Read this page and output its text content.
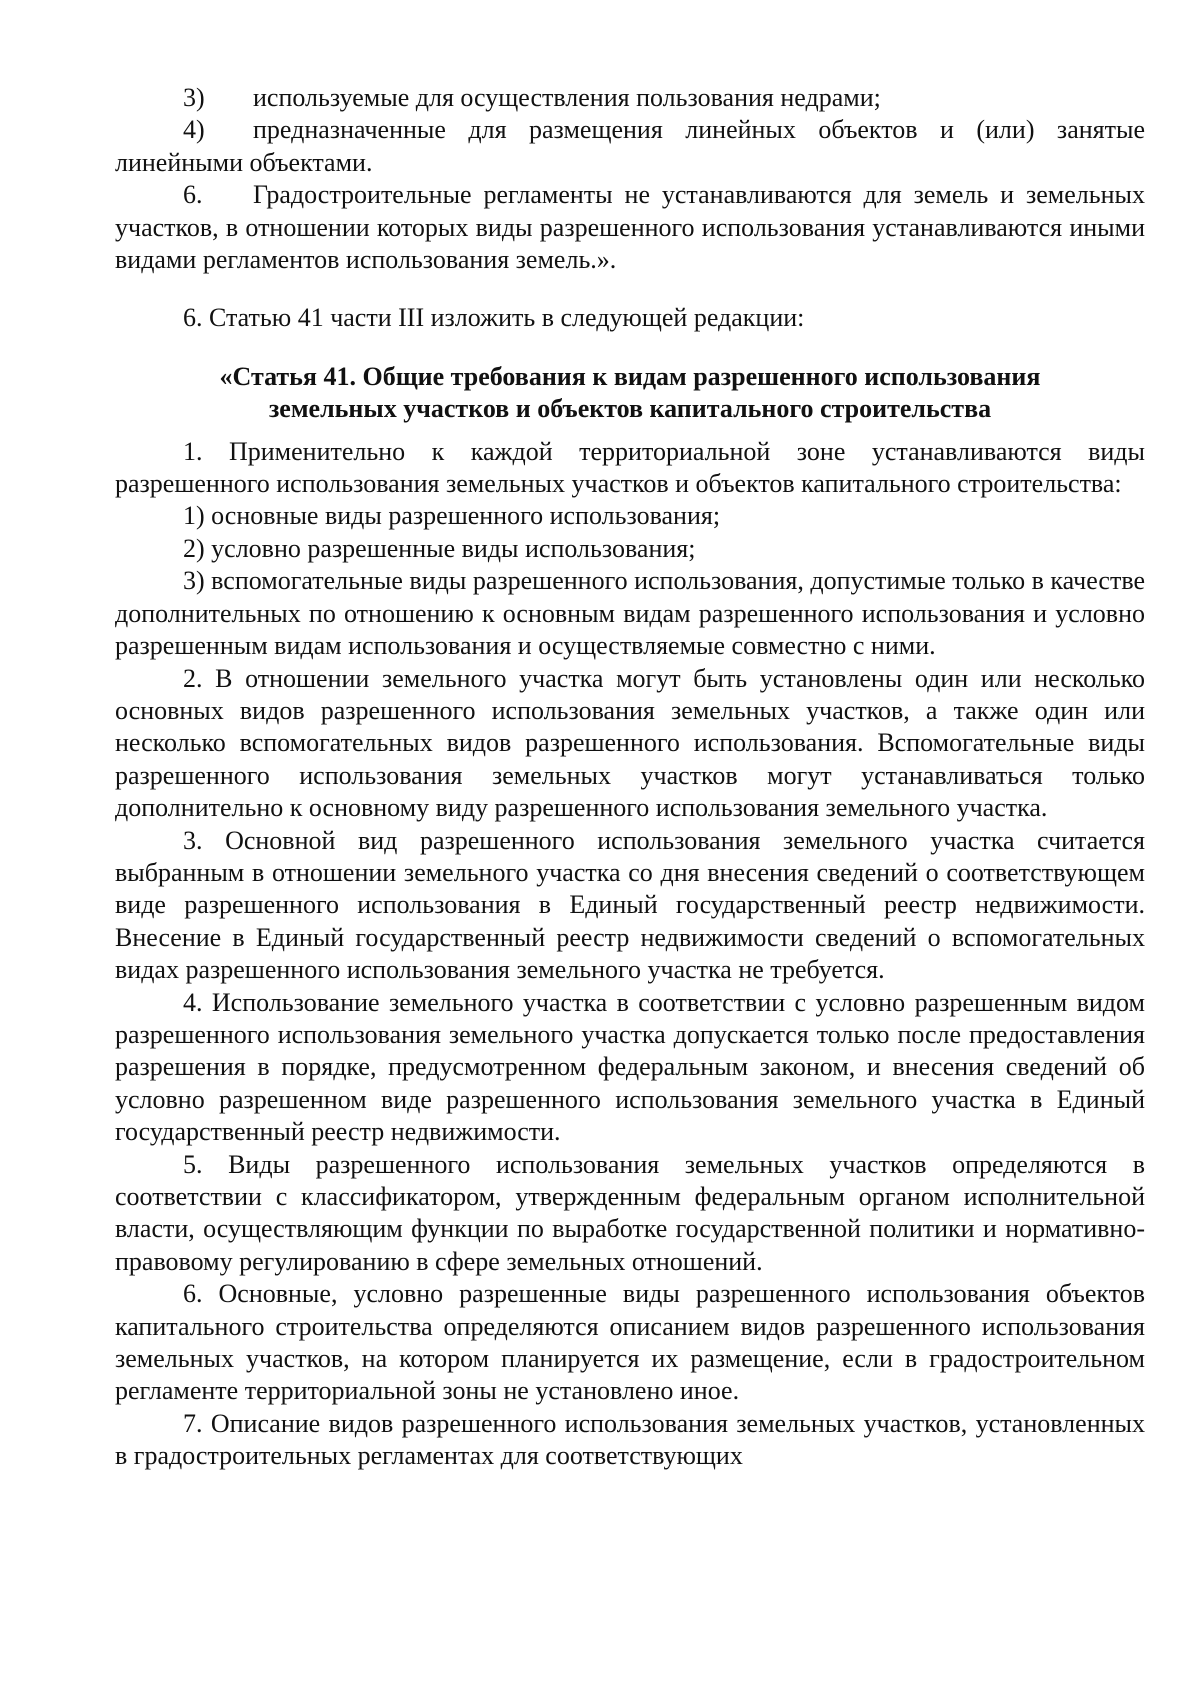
3)	используемые для осуществления пользования недрами;

4) предназначенные для размещения линейных объектов и (или) занятые линейными объектами.

6. Градостроительные регламенты не устанавливаются для земель и земельных участков, в отношении которых виды разрешенного использования устанавливаются иными видами регламентов использования земель.».

6. Статью 41 части III изложить в следующей редакции:

«Статья 41. Общие требования к видам разрешенного использования

земельных участков и объектов капитального строительства

1. Применительно к каждой территориальной зоне устанавливаются виды разрешенного использования земельных участков и объектов капитального строительства:

1) основные виды разрешенного использования;

2) условно разрешенные виды использования;

3) вспомогательные виды разрешенного использования, допустимые только в качестве дополнительных по отношению к основным видам разрешенного использования и условно разрешенным видам использования и осуществляемые совместно с ними.

2. В отношении земельного участка могут быть установлены один или несколько основных видов разрешенного использования земельных участков, а также один или несколько вспомогательных видов разрешенного использования. Вспомогательные виды разрешенного использования земельных участков могут устанавливаться только дополнительно к основному виду разрешенного использования земельного участка.

3. Основной вид разрешенного использования земельного участка считается выбранным в отношении земельного участка со дня внесения сведений о соответствующем виде разрешенного использования в Единый государственный реестр недвижимости. Внесение в Единый государственный реестр недвижимости сведений о вспомогательных видах разрешенного использования земельного участка не требуется.

4. Использование земельного участка в соответствии с условно разрешенным видом разрешенного использования земельного участка допускается только после предоставления разрешения в порядке, предусмотренном федеральным законом, и внесения сведений об условно разрешенном виде разрешенного использования земельного участка в Единый государственный реестр недвижимости.

5. Виды разрешенного использования земельных участков определяются в соответствии с классификатором, утвержденным федеральным органом исполнительной власти, осуществляющим функции по выработке государственной политики и нормативно-правовому регулированию в сфере земельных отношений.

6. Основные, условно разрешенные виды разрешенного использования объектов капитального строительства определяются описанием видов разрешенного использования земельных участков, на котором планируется их размещение, если в градостроительном регламенте территориальной зоны не установлено иное.

7. Описание видов разрешенного использования земельных участков, установленных в градостроительных регламентах для соответствующих
